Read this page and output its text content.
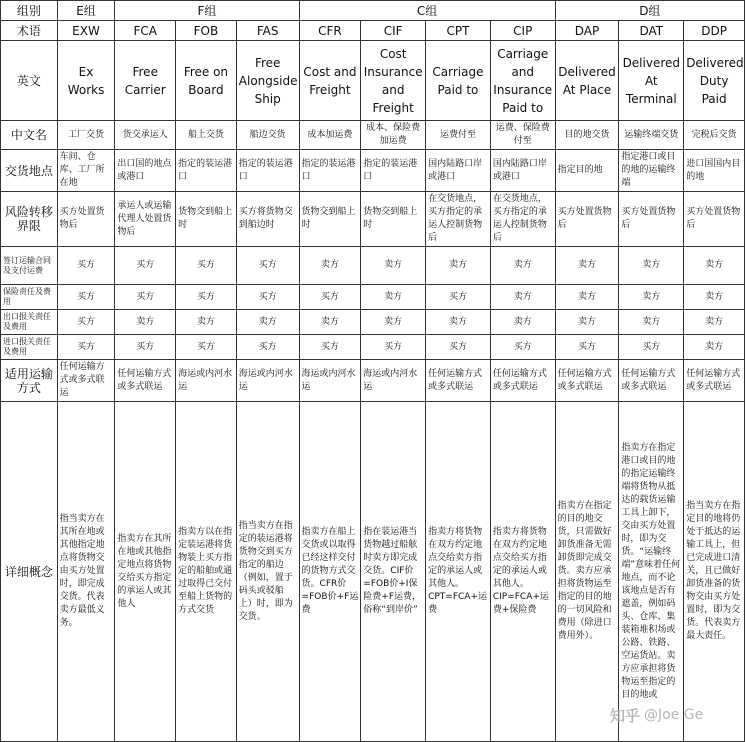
组别	E组	F组			C组				D组		
术语	EXW	FCA	FOB	FAS	CFR	CIF	CPT	CIP	DAP	DAT	DDP
英文	Ex Works	Free Carrier	Free on Board	Free Alongside Ship	Cost and Freight	Cost Insurance and Freight	Carriage Paid to	Carriage and Insurance Paid to	Delivered At Place	Delivered At Terminal	Delivered Duty Paid
中文名	工厂交货	货交承运人	船上交货	船边交货	成本加运费	成本、保险费加运费	运费付至	运费、保险费付至	目的地交货	运输终端交货	完税后交货
交货地点	车间、仓库、工厂所在地	出口国的地点或港口	指定的装运港口	指定的装运港口	指定的装运港口	指定的装运港口	国内陆路口岸或港口	国内陆路口岸或港口	指定目的地	指定港口或目的地的运输终端	进口国国内目的地
风险转移界限	买方处置货物后	承运人或运输代理人处置货物后	货物交到船上时	买方将货物交到船边时	货物交到船上时	货物交到船上时	在交货地点，买方指定的承运人控制货物后	在交货地点，买方指定的承运人控制货物后	买方处置货物后	买方处置货物后	买方处置货物后
签订运输合同及支付运费	买方	买方	买方	买方	卖方	卖方	卖方	卖方	卖方	卖方	卖方
保险责任及费用	买方	买方	买方	买方	买方	卖方	买方	卖方	卖方	卖方	卖方
出口报关责任及费用	买方	卖方	卖方	卖方	卖方	卖方	卖方	卖方	卖方	卖方	卖方
进口报关责任及费用	买方	买方	买方	买方	买方	买方	买方	买方	买方	买方	卖方
适用运输方式	任何运输方式或多式联运	任何运输方式或多式联运	海运或内河水运	海运或内河水运	海运或内河水运	海运或内河水运	任何运输方式或多式联运	任何运输方式或多式联运	任何运输方式或多式联运	任何运输方式或多式联运	任何运输方式或多式联运
详细概念	指当卖方在其所在地或其他指定地点将货物交由买方处置时，即完成交货。代表卖方最低义务。	指卖方在其所在地或其他指定地点将货物交给买方指定的承运人或其他人	指卖方以在指定装运港将货物装上买方指定的船舶或通过取得已交付至船上货物的方式交货	指当卖方在指定的装运港将货物交到买方指定的船边（例如，置于码头或驳船上）时，即为交货。	指卖方在船上交货或以取得已经这样交付的货物方式交货。CFR价=FOB价+F运费	指在装运港当货物越过船舷时卖方即完成交货。CIF价=FOB价+I保险费+F运费，俗称“到岸价”	指卖方将货物在双方约定地点交给卖方指定的承运人或其他人。CPT=FCA+运费	指卖方将货物在双方约定地点交给买方指定的承运人或其他人。CIP=FCA+运费+保险费	指卖方在指定的目的地交货，只需做好卸货准备无需卸货即完成交货。卖方应承担将货物运至指定的目的地的一切风险和费用（除进口费用外）。	指卖方在指定港口或目的地的指定运输终端将货物从抵达的载货运输工具上卸下，交由买方处置时，即为交货。“运输终端”意味着任何地点，而不论该地点是否有遮盖，例如码头、仓库、集装箱堆积场或公路、铁路、空运货站。卖方应承担将货物运至指定的目的地或	指当卖方在指定目的地将仍处于抵达的运输工具上，但已完成进口清关，且已做好卸货准备的货物交由买方处置时，即为交货。代表卖方最大责任。
知乎 @Joe Ge
